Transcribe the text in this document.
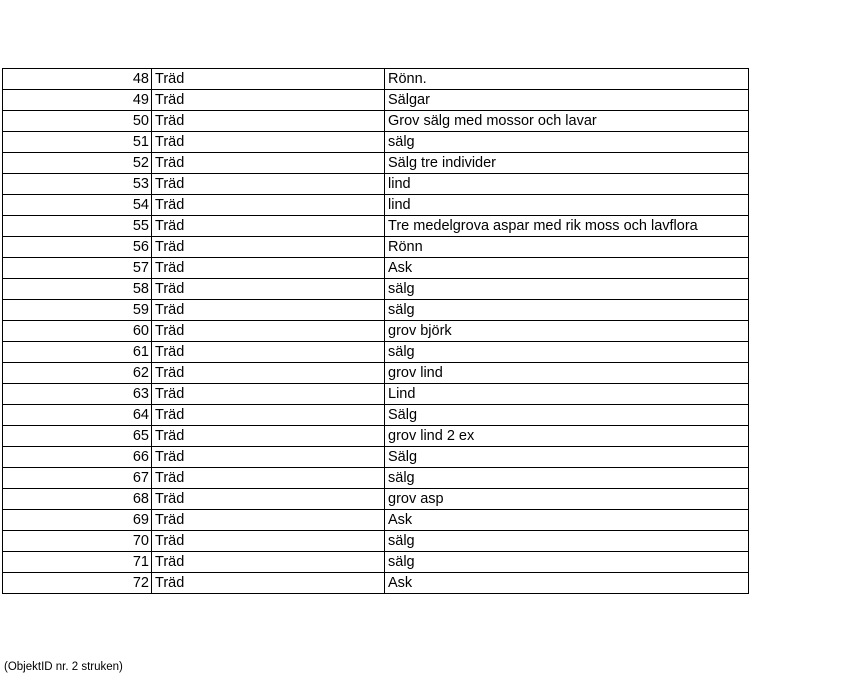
48	Träd	Rönn.
49	Träd	Sälgar
50	Träd	Grov sälg med mossor och lavar
51	Träd	sälg
52	Träd	Sälg tre individer
53	Träd	lind
54	Träd	lind
55	Träd	Tre medelgrova aspar med rik moss och lavflora
56	Träd	Rönn
57	Träd	Ask
58	Träd	sälg
59	Träd	sälg
60	Träd	grov björk
61	Träd	sälg
62	Träd	grov lind
63	Träd	Lind
64	Träd	Sälg
65	Träd	grov lind 2 ex
66	Träd	Sälg
67	Träd	sälg
68	Träd	grov asp
69	Träd	Ask
70	Träd	sälg
71	Träd	sälg
72	Träd	Ask
(ObjektID nr. 2 struken)
